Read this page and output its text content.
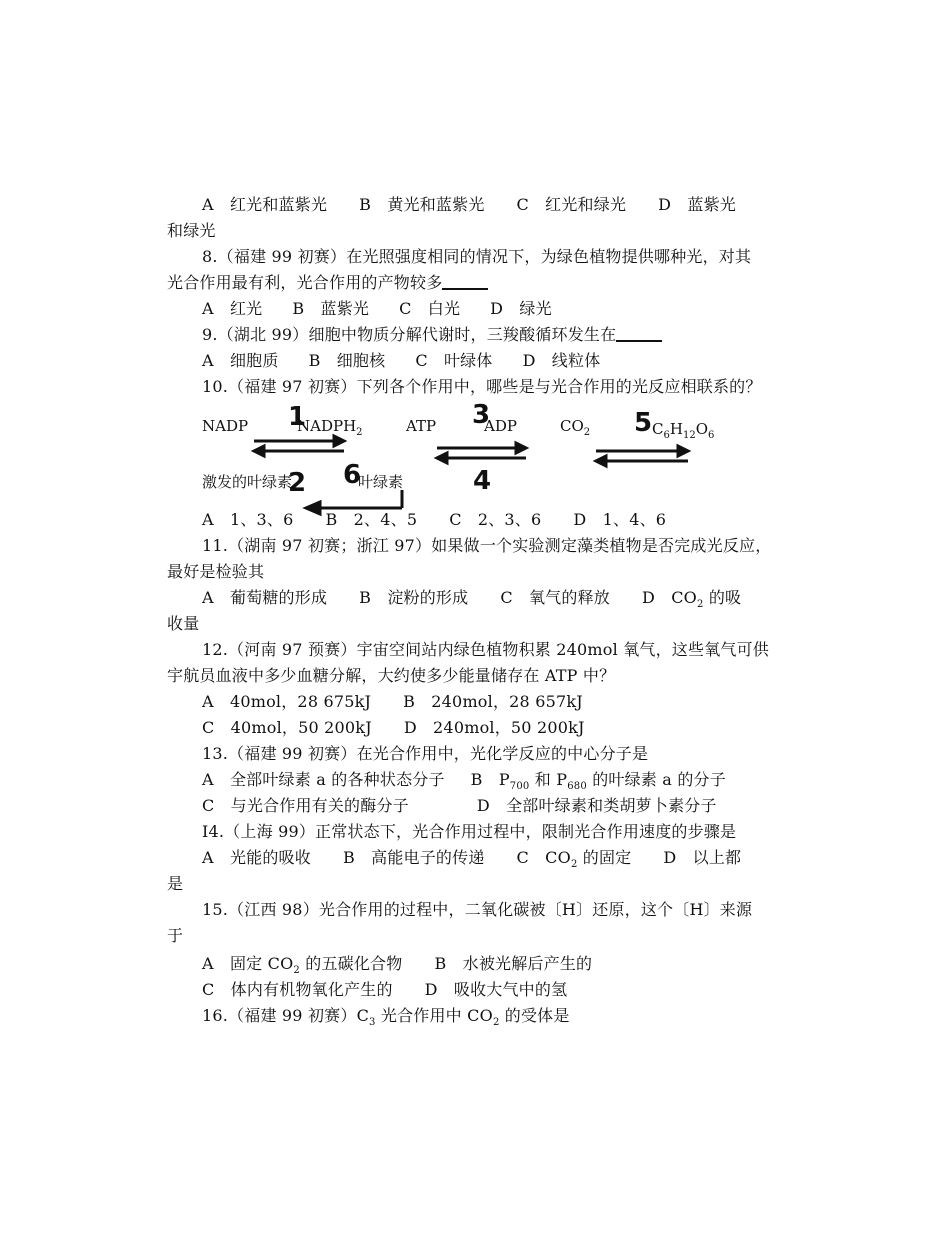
A　红光和蓝紫光 B　黄光和蓝紫光 C　红光和绿光 D　蓝紫光
和绿光
8.（福建 99 初赛）在光照强度相同的情况下，为绿色植物提供哪种光，对其
光合作用最有利，光合作用的产物较多
A　红光 B　蓝紫光 C　白光 D　绿光
9.（湖北 99）细胞中物质分解代谢时，三羧酸循环发生在
A　细胞质 B　细胞核 C　叶绿体 D　线粒体
10.（福建 97 初赛）下列各个作用中，哪些是与光合作用的光反应相联系的？
NADP	$NADPH_2$	ATP	ADP	$CO_2$	$C_6H_{12}O_6$
激发的叶绿素	叶绿素
1
2
3
4
5
6
A　1、3、6 B　2、4、5 C　2、3、6 D　1、4、6
11.（湖南 97 初赛；浙江 97）如果做一个实验测定藻类植物是否完成光反应，
最好是检验其
A　葡萄糖的形成 B　淀粉的形成 C　氧气的释放 D　$CO_2$ 的吸
收量
12.（河南 97 预赛）宇宙空间站内绿色植物积累 240mol 氧气，这些氧气可供
宇航员血液中多少血糖分解，大约使多少能量储存在 ATP 中？
A　40mol，28 675kJ B　240mol，28 657kJ
C　40mol，50 200kJ D　240mol，50 200kJ
13.（福建 99 初赛）在光合作用中，光化学反应的中心分子是
A　全部叶绿素 a 的各种状态分子 B　$P_{700}$ 和 $P_{680}$ 的叶绿素 a 的分子
C　与光合作用有关的酶分子	D　全部叶绿素和类胡萝卜素分子
I4.（上海 99）正常状态下，光合作用过程中，限制光合作用速度的步骤是
A　光能的吸收 B　高能电子的传递 C　$CO_2$ 的固定 D　以上都
是
15.（江西 98）光合作用的过程中，二氧化碳被〔H〕还原，这个〔H〕来源
于
A　固定 $CO_2$ 的五碳化合物 B　水被光解后产生的
C　体内有机物氧化产生的 D　吸收大气中的氢
16.（福建 99 初赛）$C_3$ 光合作用中 $CO_2$ 的受体是
